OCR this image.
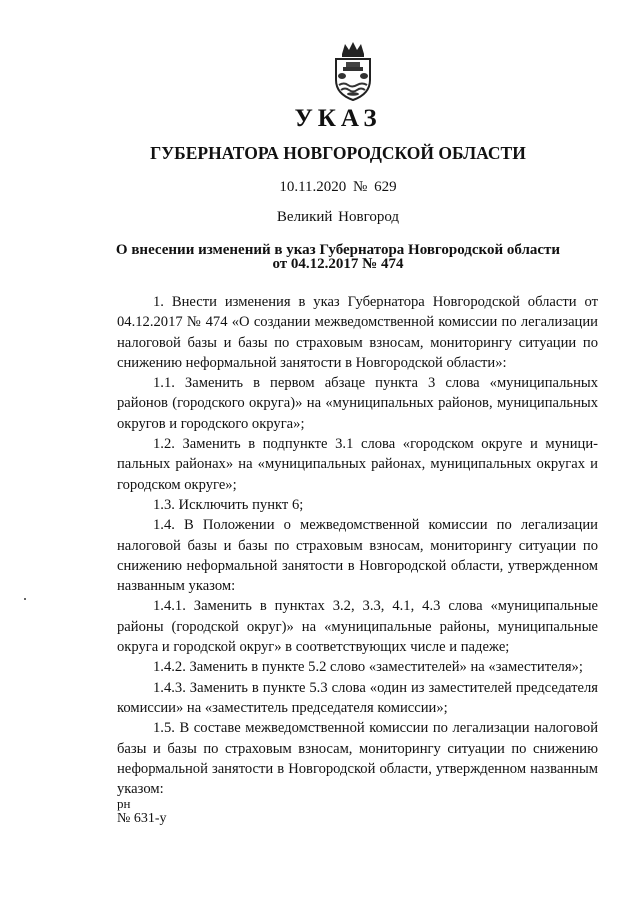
УКАЗ
ГУБЕРНАТОРА НОВГОРОДСКОЙ ОБЛАСТИ
10.11.2020 № 629
Великий Новгород
О внесении изменений в указ Губернатора Новгородской области
от 04.12.2017 № 474

1. Внести изменения в указ Губернатора Новгородской области от 04.12.2017 № 474 «О создании межведомственной комиссии по легализации налоговой базы и базы по страховым взносам, мониторингу ситуации по снижению неформальной занятости в Новгородской области»:

1.1. Заменить в первом абзаце пункта 3 слова «муниципальных районов (городского округа)» на «муниципальных районов, муниципальных округов и городского округа»;

1.2. Заменить в подпункте 3.1 слова «городском округе и муници-пальных районах» на «муниципальных районах, муниципальных округах и городском округе»;

1.3. Исключить пункт 6;

1.4. В Положении о межведомственной комиссии по легализации налоговой базы и базы по страховым взносам, мониторингу ситуации по снижению неформальной занятости в Новгородской области, утвержденном названным указом:

1.4.1. Заменить в пунктах 3.2, 3.3, 4.1, 4.3 слова «муниципальные районы (городской округ)» на «муниципальные районы, муниципальные округа и городской округ» в соответствующих числе и падеже;

1.4.2. Заменить в пункте 5.2 слово «заместителей» на «заместителя»;

1.4.3. Заменить в пункте 5.3 слова «один из заместителей председателя комиссии» на «заместитель председателя комиссии»;

1.5. В составе межведомственной комиссии по легализации налоговой базы и базы по страховым взносам, мониторингу ситуации по снижению неформальной занятости в Новгородской области, утвержденном названным указом:

рн
№ 631-у
